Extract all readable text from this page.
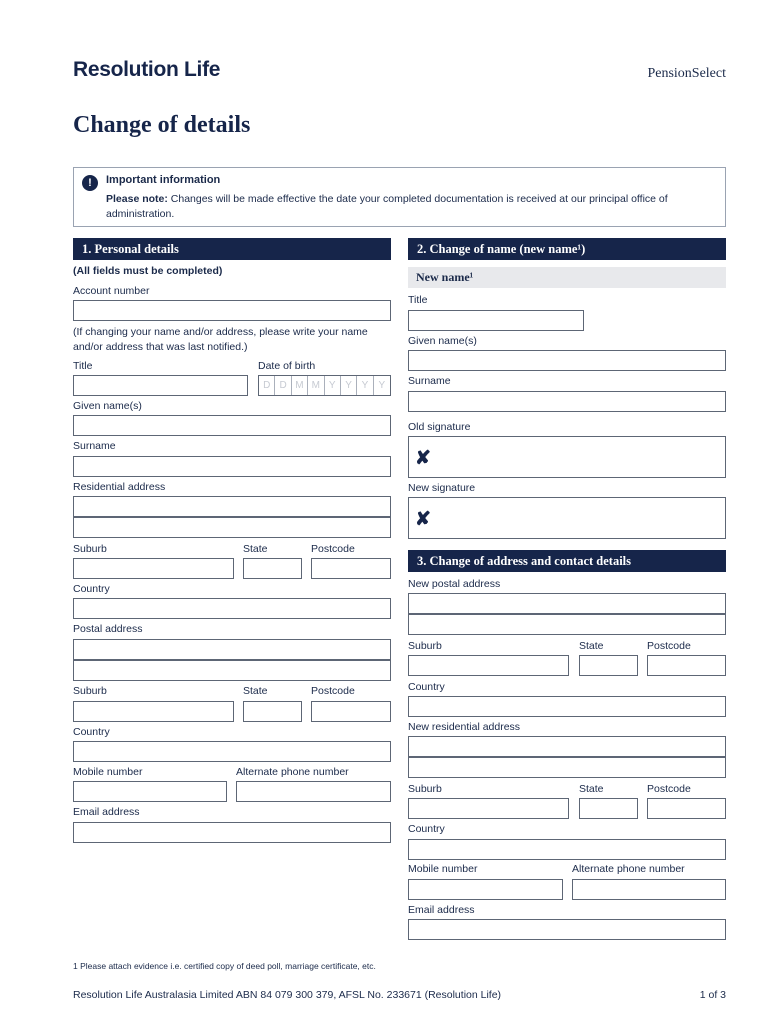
Resolution Life	PensionSelect
Change of details
!	Important information
Please note: Changes will be made effective the date your completed documentation is received at our principal office of administration.
1. Personal details
(All fields must be completed)
Account number
(If changing your name and/or address, please write your name and/or address that was last notified.)
Title	Date of birth
D D M M Y Y Y	Y
Given name(s)
Surname
Residential address
Suburb	State	Postcode
Country
Postal address
Suburb	State	Postcode
Country
Mobile number	Alternate phone number
Email address
2. Change of name (new name¹)
New name¹
Title
Given name(s)
Surname
Old signature
✘
New signature
✘
3. Change of address and contact details
New postal address
Suburb	State	Postcode
Country
New residential address
Suburb	State	Postcode
Country
Mobile number	Alternate phone number
Email address
1 Please attach evidence i.e. certified copy of deed poll, marriage certificate, etc.
Resolution Life Australasia Limited ABN 84 079 300 379, AFSL No. 233671 (Resolution Life)	1 of 3
